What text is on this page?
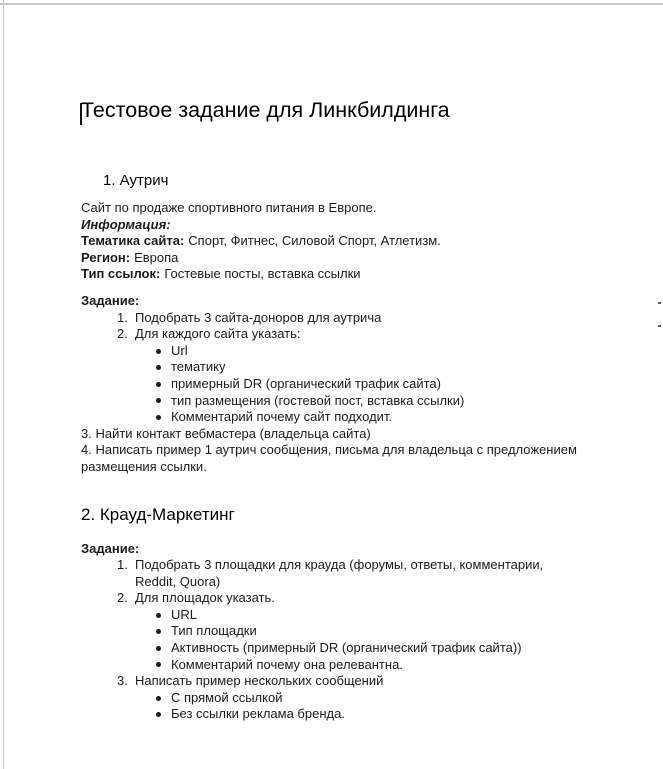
Тестовое задание для Линкбилдинга
1. Аутрич
Сайт по продаже спортивного питания в Европе.
Информация:
Тематика сайта: Спорт, Фитнес, Силовой Спорт, Атлетизм.
Регион: Европа
Тип ссылок: Гостевые посты, вставка ссылки
Задание:
1. Подобрать 3 сайта-доноров для аутрича
2. Для каждого сайта указать:
Url
тематику
примерный DR (органический трафик сайта)
тип размещения (гостевой пост, вставка ссылки)
Комментарий почему сайт подходит.
3. Найти контакт вебмастера (владельца сайта)
4. Написать пример 1 аутрич сообщения, письма для владельца с предложением размещения ссылки.
2. Крауд-Маркетинг
Задание:
1. Подобрать 3 площадки для крауда (форумы, ответы, комментарии, Reddit, Quora)
2. Для площадок указать.
URL
Тип площадки
Активность (примерный DR (органический трафик сайта))
Комментарий почему она релевантна.
3. Написать пример нескольких сообщений
С прямой ссылкой
Без ссылки реклама бренда.
